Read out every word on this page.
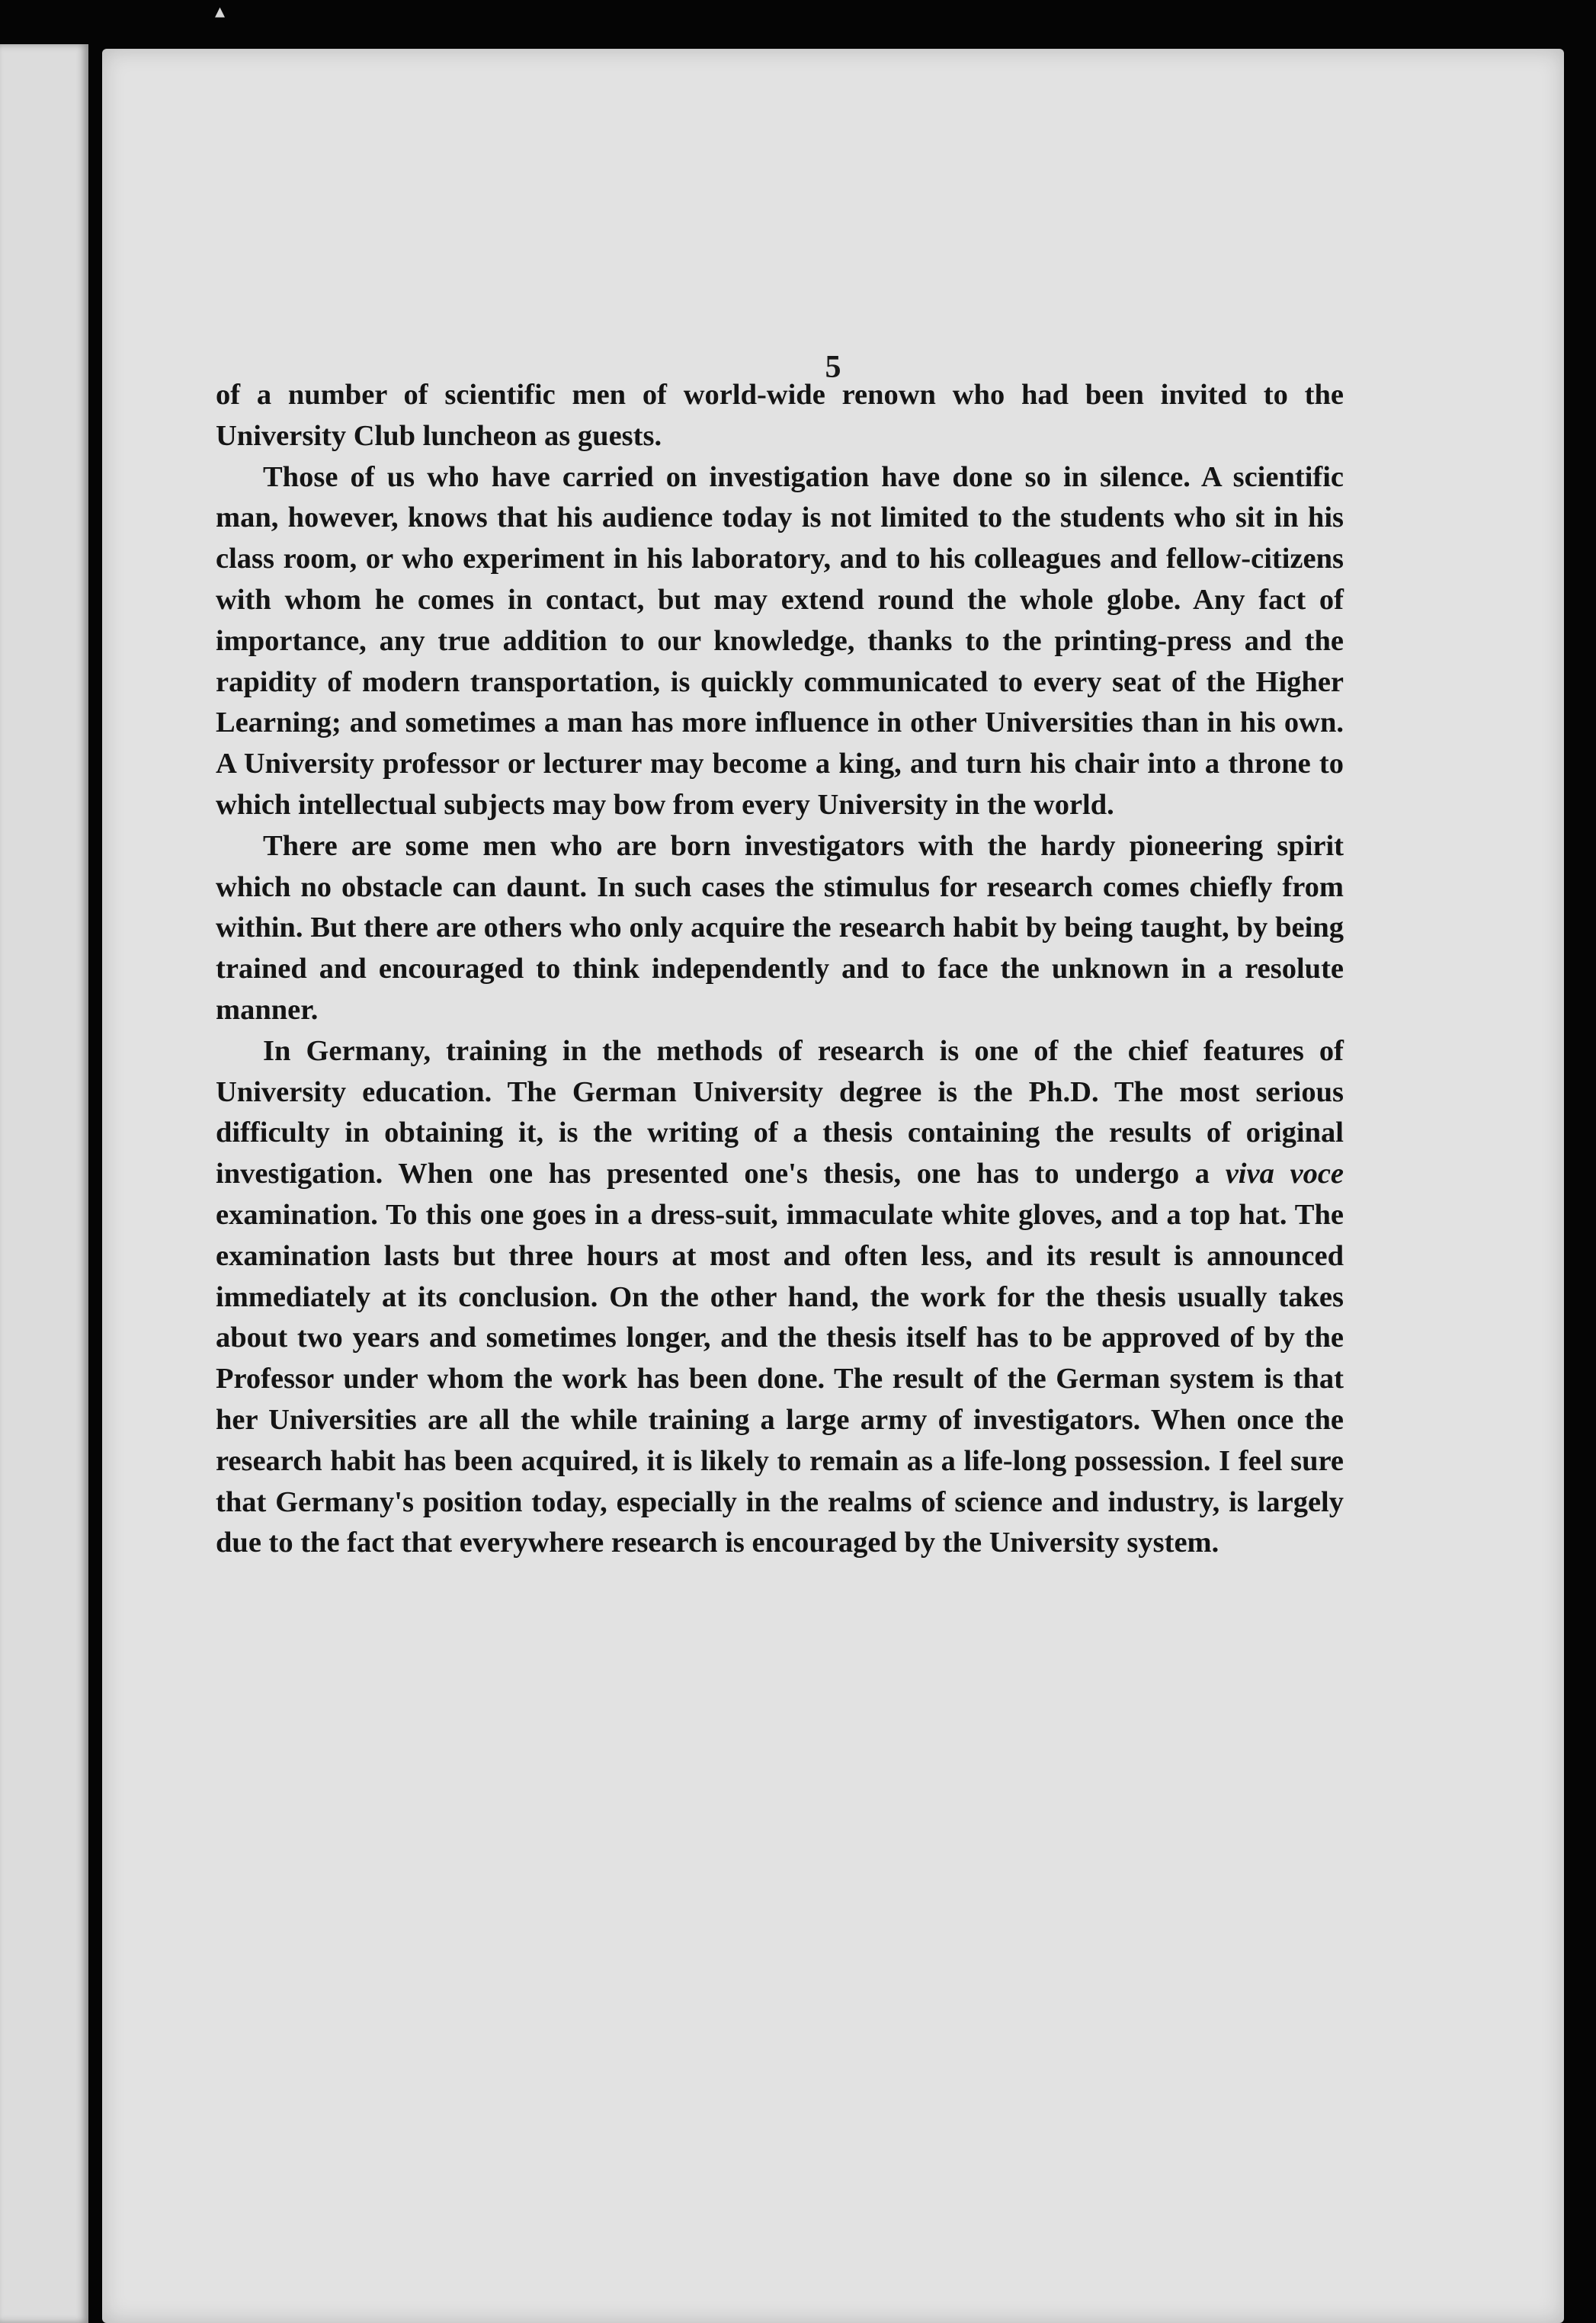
▴
5

of a number of scientific men of world-wide renown who had been invited to the University Club luncheon as guests.

Those of us who have carried on investigation have done so in silence. A scientific man, however, knows that his audience today is not limited to the students who sit in his class room, or who experiment in his laboratory, and to his colleagues and fellow-citizens with whom he comes in contact, but may extend round the whole globe. Any fact of importance, any true addition to our knowledge, thanks to the printing-press and the rapidity of modern transportation, is quickly communicated to every seat of the Higher Learning; and sometimes a man has more influence in other Universities than in his own. A University professor or lecturer may become a king, and turn his chair into a throne to which intellectual subjects may bow from every University in the world.

There are some men who are born investigators with the hardy pioneering spirit which no obstacle can daunt. In such cases the stimulus for research comes chiefly from within. But there are others who only acquire the research habit by being taught, by being trained and encouraged to think independently and to face the unknown in a resolute manner.

In Germany, training in the methods of research is one of the chief features of University education. The German University degree is the Ph.D. The most serious difficulty in obtaining it, is the writing of a thesis containing the results of original investigation. When one has presented one's thesis, one has to undergo a viva voce examination. To this one goes in a dress-suit, immaculate white gloves, and a top hat. The examination lasts but three hours at most and often less, and its result is announced immediately at its conclusion. On the other hand, the work for the thesis usually takes about two years and sometimes longer, and the thesis itself has to be approved of by the Professor under whom the work has been done. The result of the German system is that her Universities are all the while training a large army of investigators. When once the research habit has been acquired, it is likely to remain as a life-long possession. I feel sure that Germany's position today, especially in the realms of science and industry, is largely due to the fact that everywhere research is encouraged by the University system.
